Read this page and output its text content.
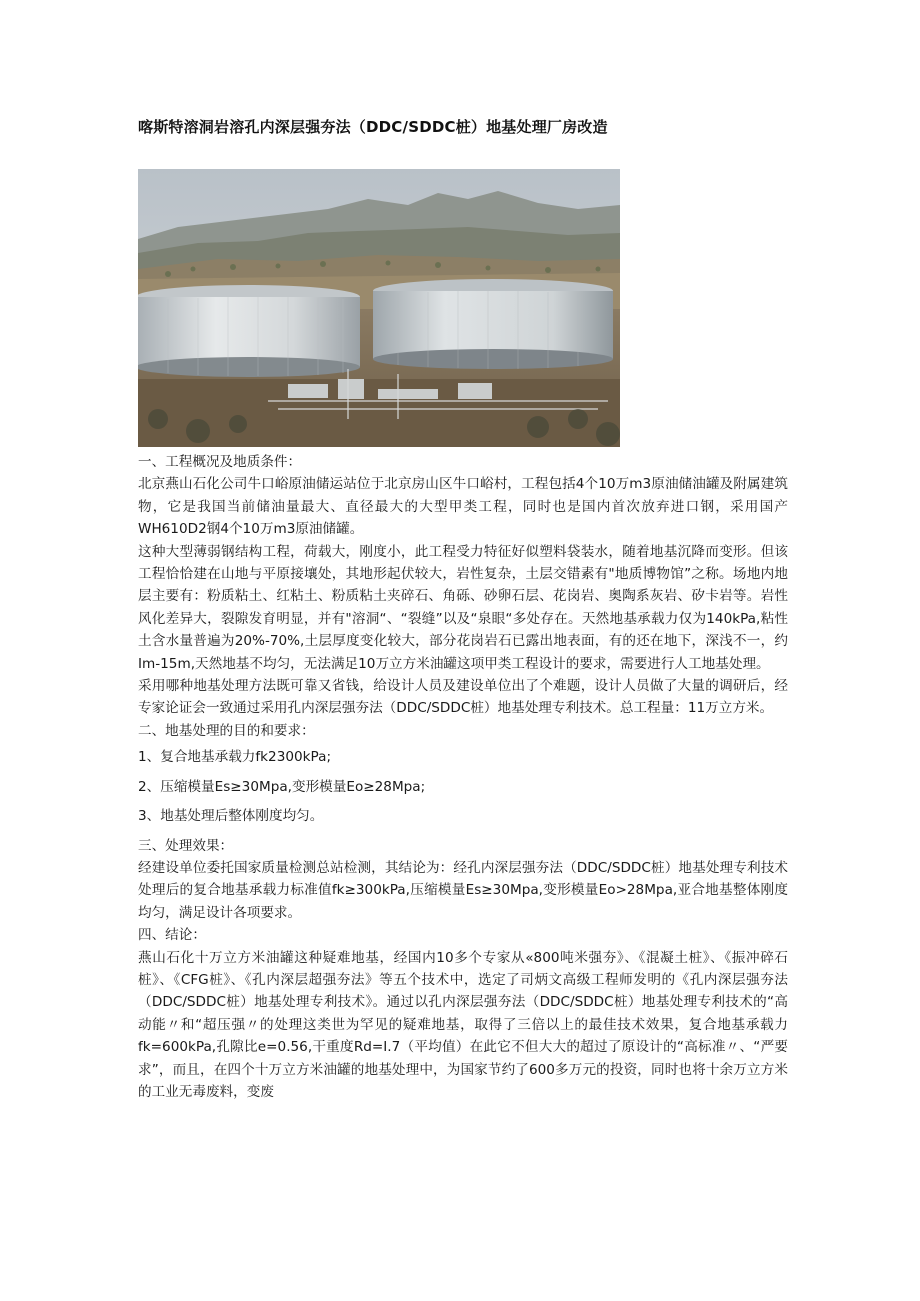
喀斯特溶洞岩溶孔内深层强夯法（DDC/SDDC桩）地基处理厂房改造
一、工程概况及地质条件：

北京燕山石化公司牛口峪原油储运站位于北京房山区牛口峪村，工程包括4个10万m3原油储油罐及附属建筑物，它是我国当前储油量最大、直径最大的大型甲类工程，同时也是国内首次放弃进口钢，采用国产WH610D2钢4个10万m3原油储罐。

这种大型薄弱钢结构工程，荷载大，刚度小，此工程受力特征好似塑料袋装水，随着地基沉降而变形。但该工程恰恰建在山地与平原接壤处，其地形起伏较大，岩性复杂，土层交错素有"地质博物馆”之称。场地内地层主要有：粉质粘土、红粘土、粉质粘土夹碎石、角砾、砂卵石层、花岗岩、奥陶系灰岩、矽卡岩等。岩性风化差异大，裂隙发育明显，并有"溶洞“、“裂缝”以及“泉眼“多处存在。天然地基承载力仅为140kPa,粘性土含水量普遍为20%-70%,土层厚度变化较大，部分花岗岩石已露出地表面，有的还在地下，深浅不一，约Im-15m,天然地基不均匀，无法满足10万立方米油罐这项甲类工程设计的要求，需要进行人工地基处理。

采用哪种地基处理方法既可靠又省钱，给设计人员及建设单位出了个难题，设计人员做了大量的调研后，经专家论证会一致通过采用孔内深层强夯法（DDC/SDDC桩）地基处理专利技术。总工程量：11万立方米。

二、地基处理的目的和要求：
1、复合地基承载力fk2300kPa;
2、压缩模量Es≥30Mpa,变形模量Eo≥28Mpa;
3、地基处理后整体刚度均匀。
三、处理效果：

经建设单位委托国家质量检测总站检测，其结论为：经孔内深层强夯法（DDC/SDDC桩）地基处理专利技术处理后的复合地基承载力标准值fk≥300kPa,压缩模量Es≥30Mpa,变形模量Eo>28Mpa,亚合地基整体刚度均匀，满足设计各项要求。

四、结论：

燕山石化十万立方米油罐这种疑难地基，经国内10多个专家从«800吨米强夯》、《混凝土桩》、《振冲碎石桩》、《CFG桩》、《孔内深层超强夯法》等五个技术中，选定了司炳文高级工程师发明的《孔内深层强夯法（DDC/SDDC桩）地基处理专利技术》。通过以孔内深层强夯法（DDC/SDDC桩）地基处理专利技术的“高动能〃和“超压强〃的处理这类世为罕见的疑难地基，取得了三倍以上的最佳技术效果，复合地基承载力fk=600kPa,孔隙比e=0.56,干重度Rd=I.7（平均值）在此它不但大大的超过了原设计的“高标准〃、“严要求”，而且，在四个十万立方米油罐的地基处理中，为国家节约了600多万元的投资，同时也将十余万立方米的工业无毒废料，变废
